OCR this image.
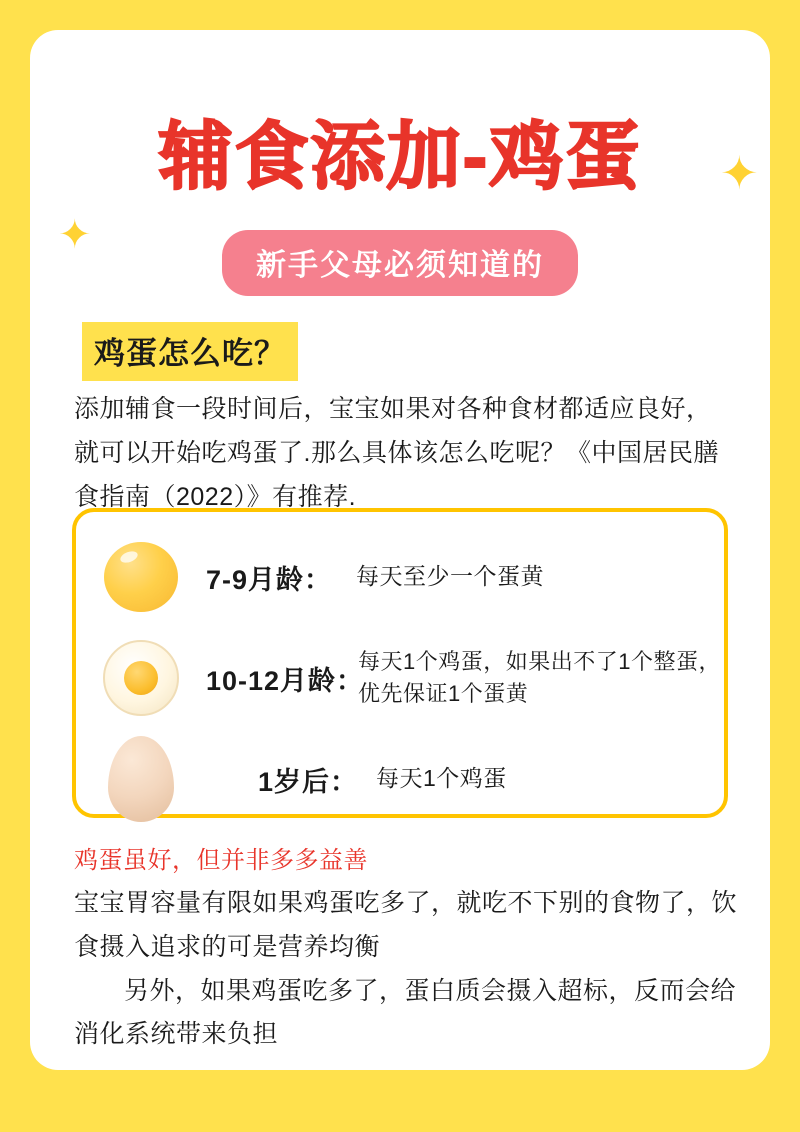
✦
✦
辅食添加-鸡蛋
新手父母必须知道的
鸡蛋怎么吃？
添加辅食一段时间后，宝宝如果对各种食材都适应良好，就可以开始吃鸡蛋了.那么具体该怎么吃呢？《中国居民膳食指南（2022）》有推荐.
7-9月龄：	每天至少一个蛋黄
10-12月龄：
每天1个鸡蛋，如果出不了1个整蛋，优先保证1个蛋黄
1岁后： 每天1个鸡蛋
鸡蛋虽好，但并非多多益善

宝宝胃容量有限如果鸡蛋吃多了，就吃不下别的食物了，饮食摄入追求的可是营养均衡

另外，如果鸡蛋吃多了，蛋白质会摄入超标，反而会给消化系统带来负担
